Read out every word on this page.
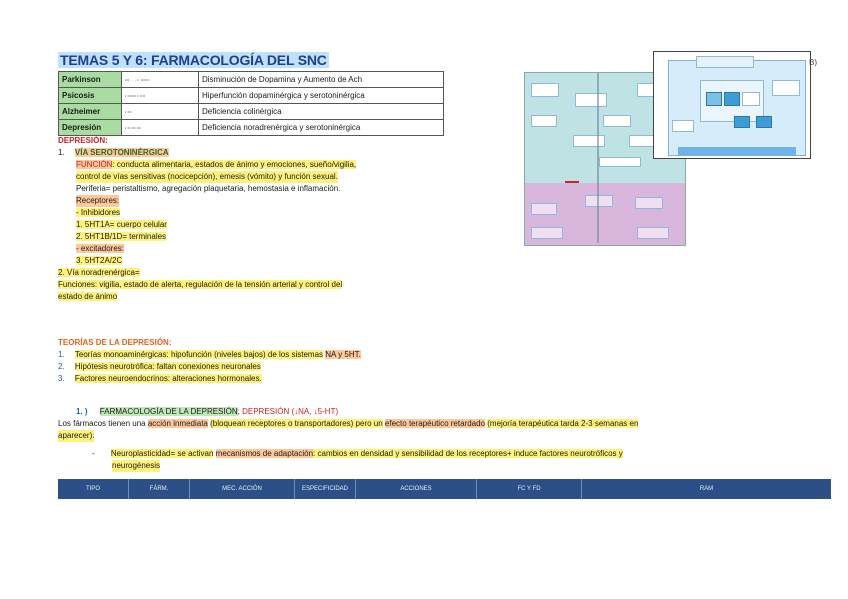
TEMAS 5 Y 6: FARMACOLOGÍA DEL SNC
Parkinson	••• , , , •, ••••••	Disminución de Dopamina y Aumento de Ach
Psicosis	• •••••• • ••••	Hiperfunción dopaminérgica y serotoninérgica
Alzheimer	• •••	Deficiencia colinérgica
Depresión	• •• ••• •••	Deficiencia noradrenérgica y serotoninérgica
DEPRESIÓN:
1. VÍA SEROTONINÉRGICA
FUNCIÓN: conducta alimentaria, estados de ánimo y emociones, sueño/vigilia,
control de vías sensitivas (nocicepción), emesis (vómito) y función sexual.
Periferia= peristaltismo, agregación plaquetaria, hemostasia e inflamación.
Receptores:
- Inhibidores
1. 5HT1A= cuerpo celular
2. 5HT1B/1D= terminales
- excitadores:
3. 5HT2A/2C
2. Vía noradrenérgica=
Funciones: vigilia, estado de alerta, regulación de la tensión arterial y control del
estado de ánimo
TEORÍAS DE LA DEPRESIÓN:
1. Teorías monoaminérgicas: hipofunción (niveles bajos) de los sistemas NA y 5HT.
2. Hipótesis neurotrófica: faltan conexiones neuronales
3. Factores neuroendocrinos: alteraciones hormonales.
1. ) FARMACOLOGÍA DE LA DEPRESIÓN; DEPRESIÓN (↓NA, ↓5-HT)
Los fármacos tienen una acción inmediata (bloquean receptores o transportadores) pero un efecto terapéutico retardado (mejoría terapéutica tarda 2-3 semanas en
aparecer).
- Neuroplasticidad= se activan mecanismos de adaptación: cambios en densidad y sensibilidad de los receptores+ induce factores neurotróficos y
neurogénesis
TIPO	FÁRM.	MEC. ACCIÓN	ESPECIFICIDAD	ACCIONES	FC Y FD	RAM
B)
